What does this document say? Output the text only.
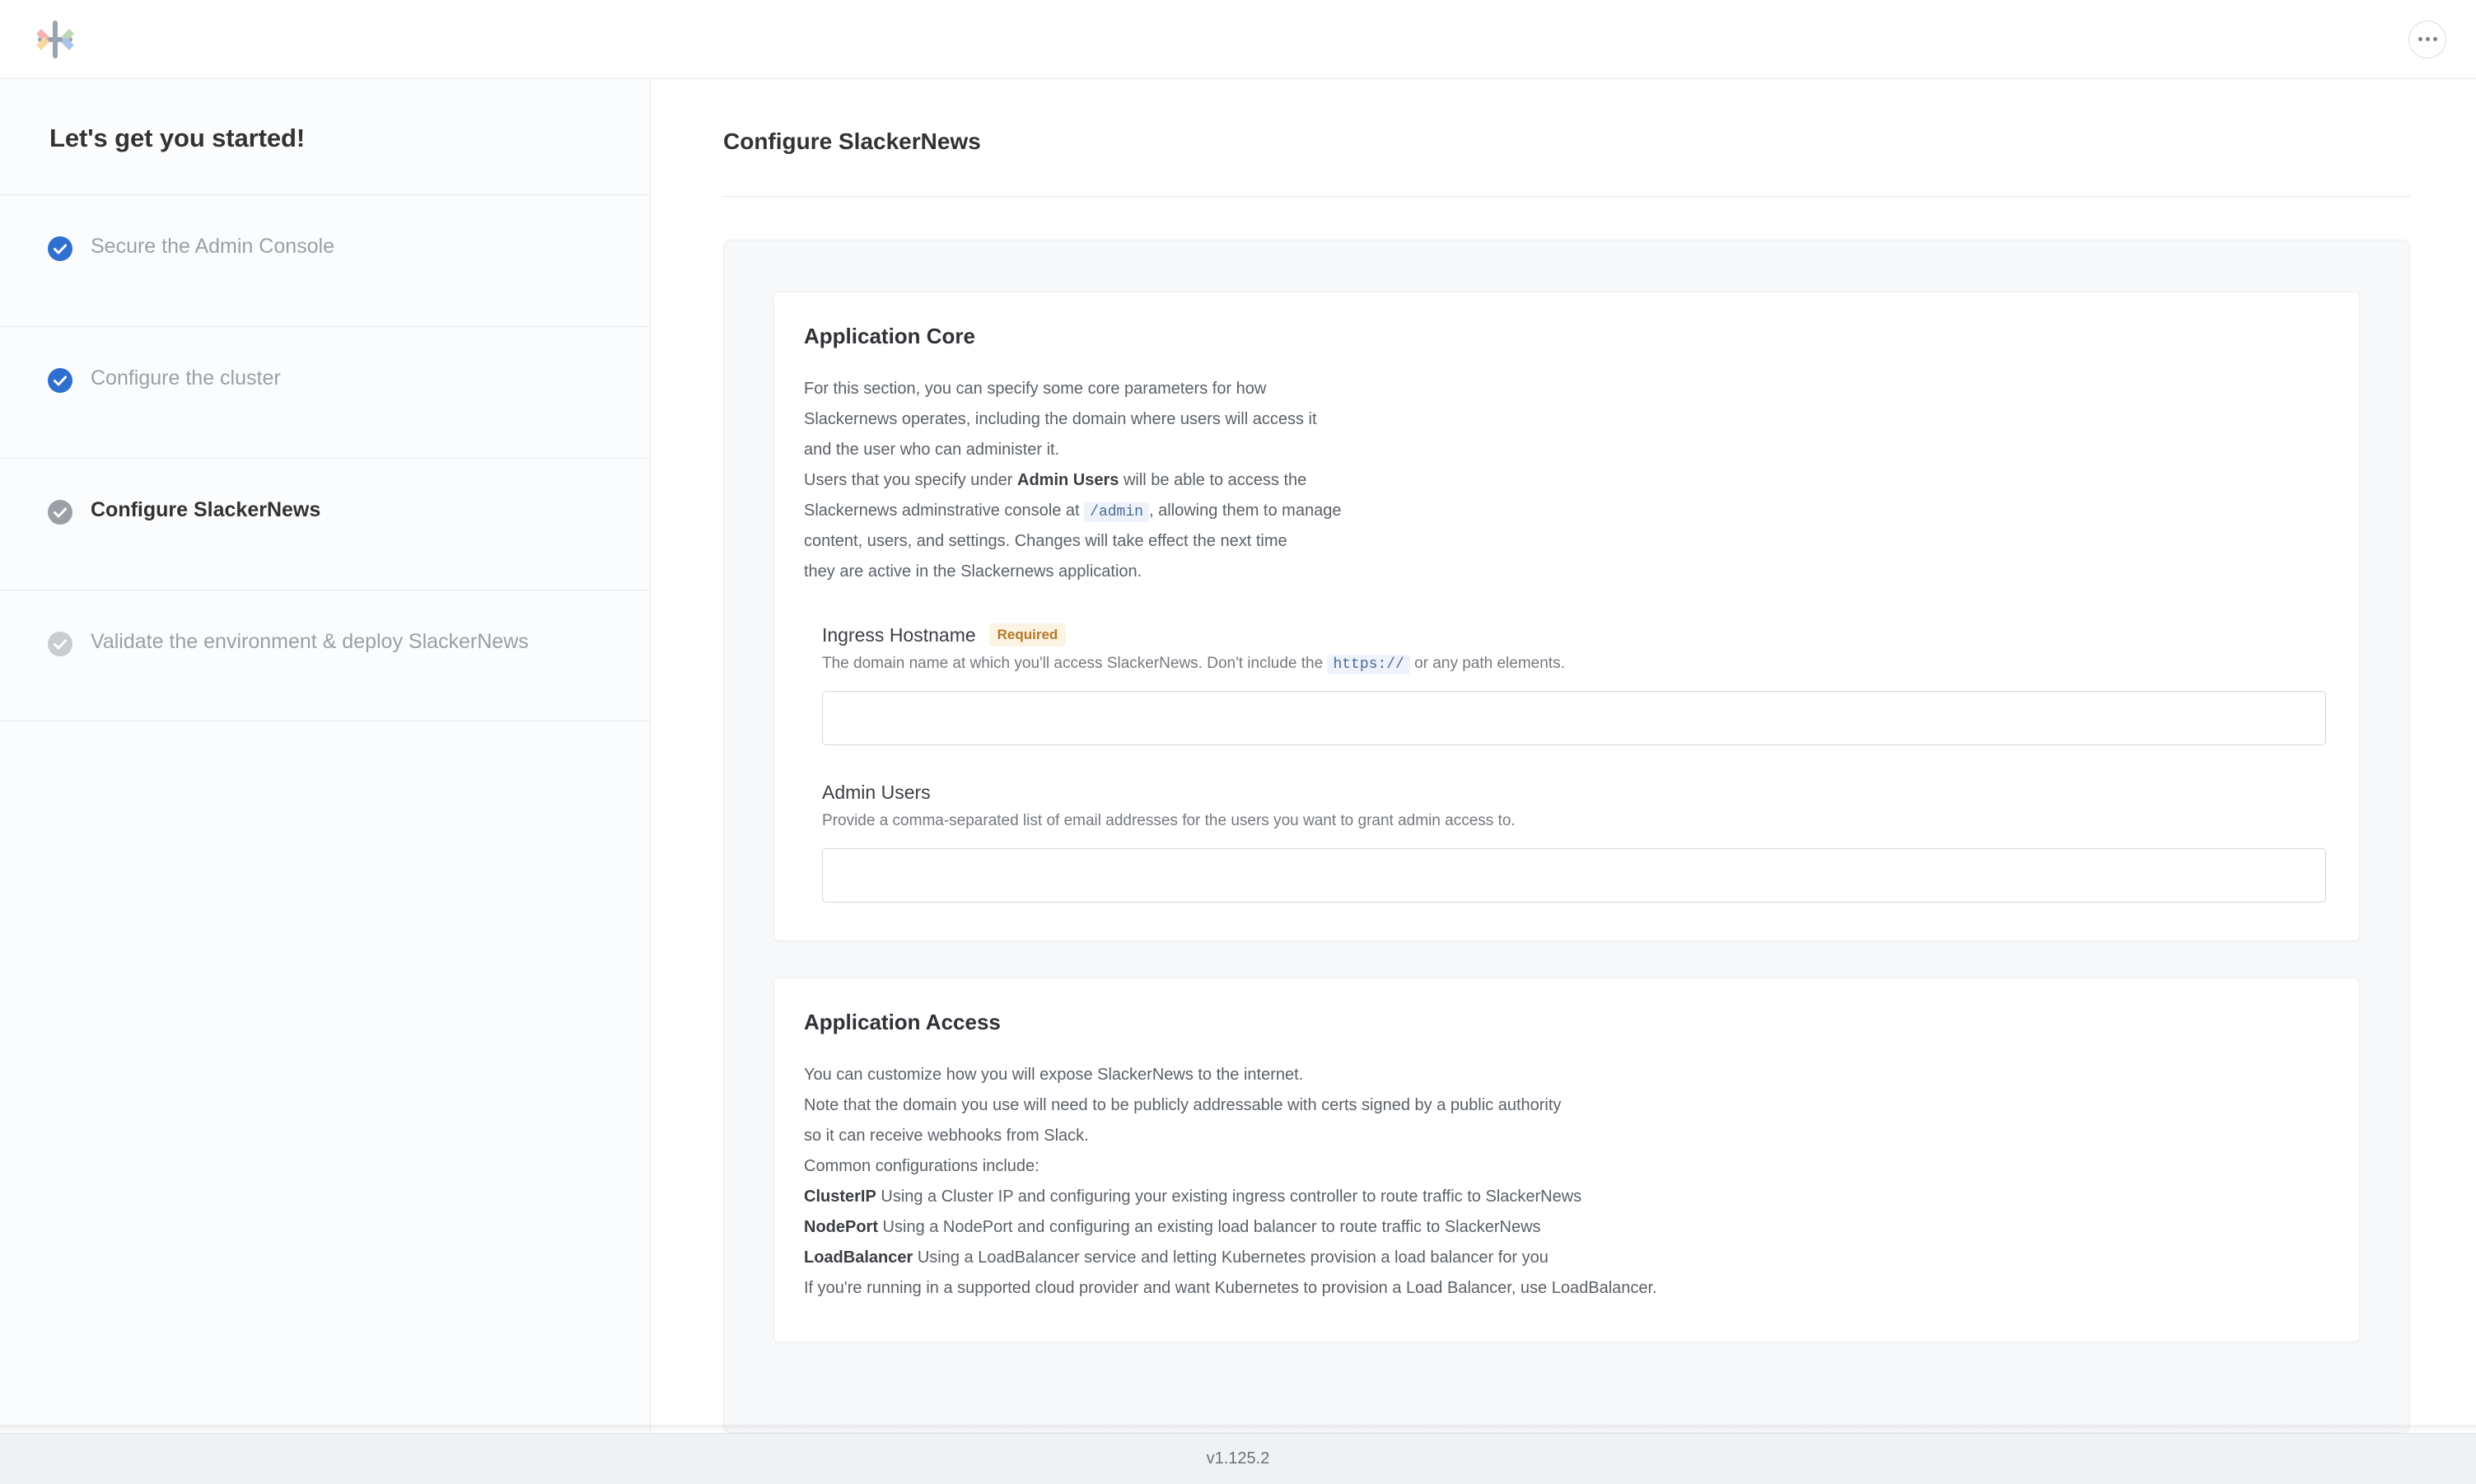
Let's get you started!
Secure the Admin Console
Configure the cluster
Configure SlackerNews
Validate the environment & deploy SlackerNews
Configure SlackerNews
Application Core

For this section, you can specify some core parameters for how
Slackernews operates, including the domain where users will access it
and the user who can administer it.
Users that you specify under Admin Users will be able to access the
Slackernews adminstrative console at /admin , allowing them to manage
content, users, and settings. Changes will take effect the next time
they are active in the Slackernews application.

Ingress Hostname	Required
The domain name at which you'll access SlackerNews. Don't include the https:// or any path elements.
Admin Users
Provide a comma-separated list of email addresses for the users you want to grant admin access to.
Application Access

You can customize how you will expose SlackerNews to the internet.
Note that the domain you use will need to be publicly addressable with certs signed by a public authority
so it can receive webhooks from Slack.
Common configurations include:
ClusterIP Using a Cluster IP and configuring your existing ingress controller to route traffic to SlackerNews
NodePort Using a NodePort and configuring an existing load balancer to route traffic to SlackerNews
LoadBalancer Using a LoadBalancer service and letting Kubernetes provision a load balancer for you
If you're running in a supported cloud provider and want Kubernetes to provision a Load Balancer, use LoadBalancer.

v1.125.2
